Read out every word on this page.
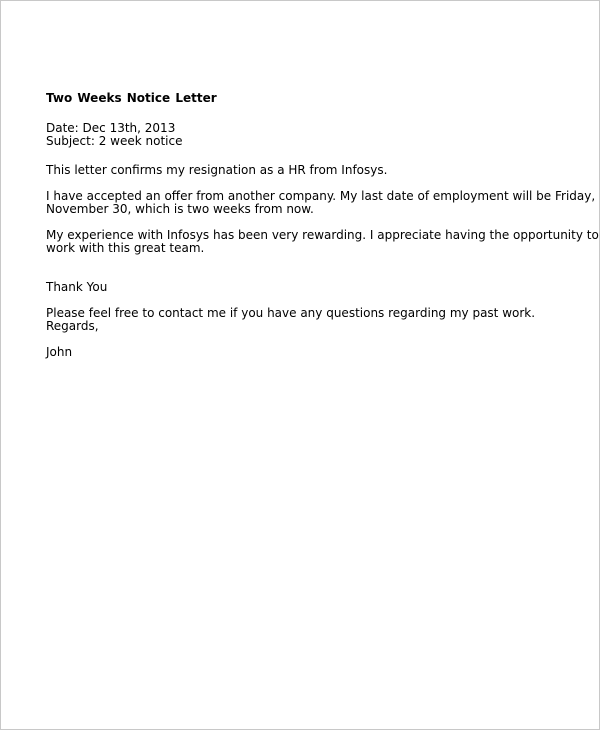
Two Weeks Notice Letter

Date: Dec 13th, 2013

Subject: 2 week notice

This letter confirms my resignation as a HR from Infosys.

I have accepted an offer from another company. My last date of employment will be Friday,

November 30, which is two weeks from now.

My experience with Infosys has been very rewarding. I appreciate having the opportunity to

work with this great team.

Thank You

Please feel free to contact me if you have any questions regarding my past work.

Regards,

John
